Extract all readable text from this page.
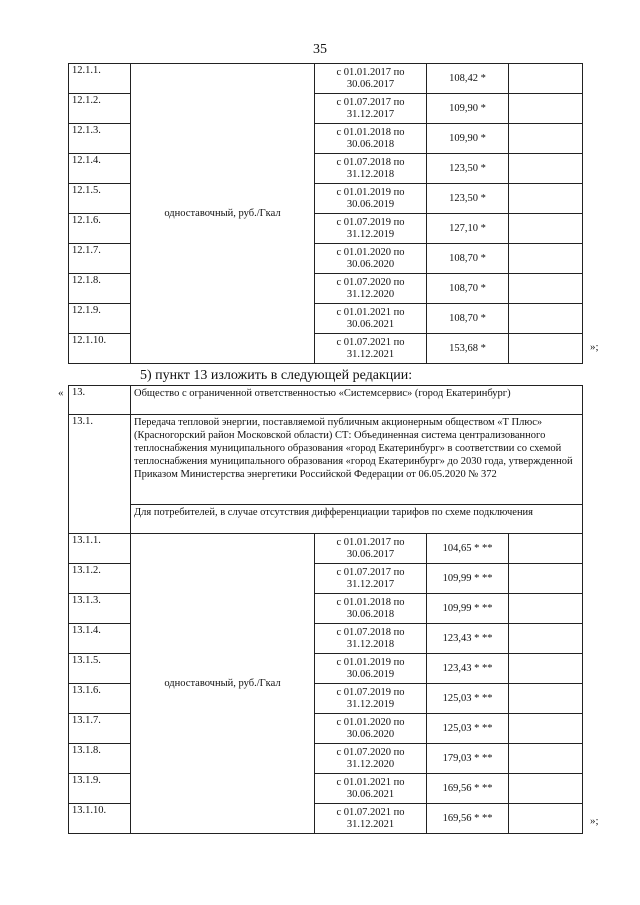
35
12.1.1.	одноставочный, руб./Гкал	с 01.01.2017 по 30.06.2017	108,42 *	
12.1.2.		с 01.07.2017 по 31.12.2017	109,90 *	
12.1.3.		с 01.01.2018 по 30.06.2018	109,90 *	
12.1.4.		с 01.07.2018 по 31.12.2018	123,50 *	
12.1.5.		с 01.01.2019 по 30.06.2019	123,50 *	
12.1.6.		с 01.07.2019 по 31.12.2019	127,10 *	
12.1.7.		с 01.01.2020 по 30.06.2020	108,70 *	
12.1.8.		с 01.07.2020 по 31.12.2020	108,70 *	
12.1.9.		с 01.01.2021 по 30.06.2021	108,70 *	
12.1.10.		с 01.07.2021 по 31.12.2021	153,68 *		»;
5) пункт 13 изложить в следующей редакции:
« 13.	Общество с ограниченной ответственностью «Системсервис» (город Екатеринбург)			
13.1.	Передача тепловой энергии, поставляемой публичным акционерным обществом «Т Плюс» (Красногорский район Московской области) СТ: Объединенная система централизованного теплоснабжения муниципального образования «город Екатеринбург» в соответствии со схемой теплоснабжения муниципального образования «город Екатеринбург» до 2030 года, утвержденной Приказом Министерства энергетики Российской Федерации от 06.05.2020 № 372			
	Для потребителей, в случае отсутствия дифференциации тарифов по схеме подключения			
13.1.1.	одноставочный, руб./Гкал	с 01.01.2017 по 30.06.2017	104,65 * **	
13.1.2.		с 01.07.2017 по 31.12.2017	109,99 * **	
13.1.3.		с 01.01.2018 по 30.06.2018	109,99 * **	
13.1.4.		с 01.07.2018 по 31.12.2018	123,43 * **	
13.1.5.		с 01.01.2019 по 30.06.2019	123,43 * **	
13.1.6.		с 01.07.2019 по 31.12.2019	125,03 * **	
13.1.7.		с 01.01.2020 по 30.06.2020	125,03 * **	
13.1.8.		с 01.07.2020 по 31.12.2020	179,03 * **	
13.1.9.		с 01.01.2021 по 30.06.2021	169,56 * **	
13.1.10.		с 01.07.2021 по 31.12.2021	169,56 * **		»;
